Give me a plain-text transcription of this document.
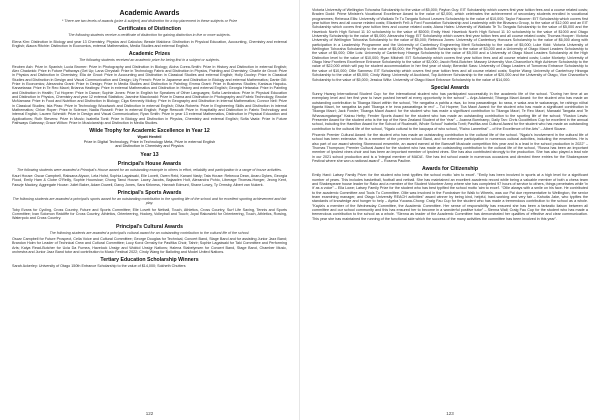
Academic Awards

* There are two levels of awards (prize & subject) and distinction for a top placement in these subjects or Prize

Certificates of Distinction

The following students receive a certificate of distinction for gaining distinction in five or more subjects.

Elena Kim: Distinction in Biology and year 13 Chemistry, Physics and Calculus; Bessie Maldonz: Distinction in Physical Education, Accounting, Chemistry and external English; Alaura Ritchie: Distinction in Economics, external Mathematics, Media Studies and external English.

Academic Prizes

The following students received an academic prize for being first in a subject or subjects.

Reuben Ash: Prize in Spanish; Lucia Bromer: Prize in Photography and Distinction in Biology; Aloha Corea-Smith: Prize in History and Distinction in external English; Alex Chadwick: Prize in Future Pathways (Get Up; Lana Chrystall: Prize in Technology Fabric and Distinction in Physics, Painting and Chemistry; Charlie de Groot: Prize in Physics and Distinction in Chemistry; Ella de Groot: Prize in Accounting and Distinction in Classical Studies and external English; Holly Dooley: Prize in Classical Studies and Distinction in Design and Visual Communication and Design; Lily French: Prize in Japanese and Distinction in Biology and external Mathematics; Dante Gill: Prize in Economics; Alexandra Grant: Prize in Design; Prize in Media Studies and Distinction in Painting; Emma Grant: Prize in Business Studies; Kaniaua Hapuku-Kanaetaraa: Prize in Te Reo Maori; Brianna Hastings: Prize in external Mathematics and Distinction in History and external English; Georgia Hetaraka: Prize in Painting and Distinction in Health; Tui Hopere: Prize in Dance; Sophie Jones: Prize in English for Speakers of Other Languages; Sofia Lambrakos: Prize in Physical Education and Distinction in Physics, Chemistry and year 12 external Statistics; Jasmine Macdonald: Prize in Drama and Distinction in Photography and Fabric Technology; Brooke McNamara: Prize in Food and Nutrition and Distinction in Biology; Ciga Kennedy Molloy: Prize in Geography and Distinction in internal Mathematics; Connor Neil: Prize in Classical Studies; Isla Pirau: Prize in Technology Woodwork and Distinction in external English; Olivia Roberts: Prize in Engineering Skills and Distinction in internal Mathematics; Chloe Roper: Prize in Science; Nadia Russell: Prize in external English; Paige Rewcott: Prize in Hospitality and Distinction in Fabric Technology and internal English; Lauren Schmidt: Prize in Design and Visual Communication; Ryan Smith: Prize in year 13 external Mathematics, Distinction in Physical Education and Applications; Ruth Stevens: Prize in Music; Isabella Tonti: Prize in Biology and Distinction in Physics, Chemistry and external English; Sofia Vaatz: Prize in Future Pathways Gateway; Grace Wilton: Prize in Musicianship and Distinction in Media Studies.

Wilde Trophy for Academic Excellence in Year 12

Wyatt Henfeil

Prize in Digital Technology, Prize in Technology Meta, Prize in external English

and Distinction in Chemistry and Physics

Year 13
Principal's House Awards

The following students were awarded a Principal's House award for an outstanding example to others in effort, reliability and participation in a range of house activities.

Kauri House: Oscar Campbell, Raksana Alyson, Lela Holst, Sophia Lagaiwaki, Elle Lovett, Owen Reid, Kanani Vasty; Tata House: Rebecca Dean, Anaru Dykes, Georgia Flood, Emily Ham & Clobe O'Reilly, Sophie Hounslow; Chong Tanui House: Lacey Jacobs, Bajaaden Holt, Alexandra Pohio, Liberage Thomas-Honger, Jeong Kent, Fawzje Mackey, Aggregate House: Juliet Baker, Adam Dowell, Darcy Jones, Sara Kirkness, Hannah Edmunt, Shane Lowry, Ty Ormsby, Albert van Nukerk.

Principal's Sports Awards

The following students are awarded a principal's sports award for an outstanding contribution to the sporting life of the school and for excellent sporting achievement and fair play.

Toby Evans for Cycling, Cross Country, Future and Sports Committee; Elle Lovett for Netball, Touch, Athletics, Cross Country, Surf Life Saving, Tennis and Sports Committee; Ivan Solomon Ratcliffe for Cross Country, Athletics, Orienteering, Hockey, Volleyball and Touch; Joyal Rakowieki for Orienteering, Touch, Athletics, Rowing, Waterpolo and Cross Country.

Principal's Cultural Awards

The following students are awarded a principal's cultural award for an outstanding contribution to the cultural life of the school.

Oscar Campbell for Future Prospect, Celia Voice and Cultural Committee; George Douglas for Technical, Concert Band, Stage Band and for assisting Junior Jazz Band; Brandon Holm for Leader of Technical Crew and Cultural Committee; Lucy Koroi Ormsby for Pasifika Choir, Tahrir; Sophie Lagaiwaki for Taki Committee and Performing Arts; Kaiya Read-Butcher for Ucia Da Fumea, Havelock Unsigr and Woktol Unsigr Nations; Halena Stabelynsen for Concert Band, Stage Band, Chamber Music, orchestra and Junior Jazz Band tutor and contribution to Music Festival 2022; Cindy Wang for Balloting and Model United Nations.

Tertiary Education Scholarship Winners

Sarah Ackerley: University of Otago 150th Entrance Scholarship to the value of $14,000; Sokheth Chutters

122

Victoria University of Wellington Tohoraha Scholarship to the value of $5,000; Payton Guy: EIT Scholarship which covers first year tuition fees and a course related costs; Braden Dodd: Prime Minister's Vocational Excellence Award to the value of $2,000, which celebrates the achievement of secondary students enrolled in vocational programmes; Rebecca Ellis: University of Waikato Te Tu Tangata School Leavers Scholarship to the value of $10,000; Taylor Falconer: EIT Scholarship which covers first year tuition fees and all course related costs; Elizabeth Fell: A Ford Foundation Scholarship and Leadership with the Bhavanu Group, to the value of $12,000 and an EIT Scholarship which covers first year tuition fees and course related costs; Alana Hales: University of Waikato Te Tu Tangata Scholarship to the value of $5,000 and the Havelock North High School 11 10 scholarship to the value of $5000; Emily Heal: Havelock North High School 11 10 scholarship to the value of $1000 and Otago University Scholarship to the value of $5,000; Alexandra Hogg: EIT Scholarship which covers first year tuition fees and all course related costs; Thomas Hooper: Victoria University of Wellington Tohoraha Scholarship to the value of $5,000; Rebecca Jones: University of Canterbury Honours Scholarship to the value of $6,000 along with participation in a Leadership Programme and the University of Canterbury Engineering Merit Scholarship to the value of $5,000; Luke Kidd: Victoria University of Wellington Tohoraha Scholarship to the value of $5,000; the Phyllis Sutcliffe Scholarship to the value of $3,000 and a University of Otago Maori Leaders Scholarship to the value of $5,000; Ollie Lois: University of Canterbury Hiranga Scholarship to the value of $5,000 and a University of Otago Maori Leaders Scholarship at the High Distinction level to the value of $10,000; Ryan Mitchell: EIT Scholarship which covers first year tuition fees and all course related costs; Locke Moriarty: University of Otago New Frontiers Excellence Entrance Scholarship to the value of $3,000; Jacob Reid-Butcher: Massey University Vice-Chancellor's High Achiever Scholarship to the value of $22,000 which will pay for student accommodation in her first year of study; Benedict Sass: University of Otago Leaders of Tomorrow Entrance Scholarship to the value of $10,000; Ollie Sanness: EIT Scholarship which covers first year tuition fees and all course related costs; Sophie Wang: University of Canterbury Hiranga Scholarship to the value of $5,000; Cindy Wang: University of Auckland, Top Achiever Scholarship to the value of $20,000 and the University of Otago, Vice Chancellor's Scholarship to the value of $5,000; Jessica Wiltz: University of Otago Maori Entrance Scholarship to the value of $14,000.

Special Awards

Sunny Hwang International Student Cup: for the international student who has participated successfully in the academic life of the school. "During her time at an exemplary level and her first year to have pushed herself at every opportunity in the school" – Anja Adamski; Tihanga Maori Award: for the student who has made an outstanding contribution to Tikanga Maori within the school, "He rangatira a pahita a riwa, ko inna pawaratinga: ko rawa, e waka ana te wakaranga, he rahingo nōhai tiganta Maori, he rangatira ka pahi Tikanga e te inna pawaratinga te reo" – Tui Hopere; Toa Maori Award: for the student who has made a significant contribution in Tikanga Maori; Jack Fowler; Tikanga Maori Award: for the student who has made a significant contribution to Tikanga Maori, Te Reo Maori, Manaaki Tangata and Te Whanaungatanga" Kairau Hefty; Fender Sports Award for the student who has made an outstanding contribution to the sporting life of the school; "Ruston Lewis: Presenter Award for the student who is the top of the New Zealand Student of the Year" – Joanna Burnhamp, Daily Tan: Chris Goodfellow Cup for excellent in the annual school, including the Hamilton Award for the School of Ruaimaiti, Whole School" Isabella Tonti; Pasifika and Cultural Award for the student who has made an outstanding contribution to the cultural life of the school, "Ngaio cultural to the kaupapa of who school, "Raino Laneetirai" – of the Excellence of the Arts" – Albert Sloane.

Phoenix Premier Cultural Award: for the student who has made an outstanding contribution to the cultural life of the school. "Ngaio's involvement in the cultural life of school has been extensive. He is a member of the premier school Band, and for extensive participation in numerous cultural activities, including the ensembles. He is also part of our award winning Stonewood ensemble, an award earned at the Barnzaff Musicale competition this year and is a lead in the school production in 2022" – Thomas Thompson; Premier Cultural Award for the student who has made an outstanding contribution to the cultural life of the school, "Rosna has been an important member of Iprolest vines choir and has been an important member of Iprolest vines. She has also contributed strongly to the production. She has also played a lead role in our 2021 school production and is a 'integral member of MADA'. She has led school waste in numerous occasions and directed three entries for the Shakespeare Festival where she won a national award" – Rosena Pauline.

Awards for Citizenship

Emily Hard: Latsey Family Prize: for the student who best typifies the school motto 'aim to excel'. "Emily has been involved in sports at a high level for a significant number of years. This includes basketball, football and netball. She has maintained an excellent academic record while being a valuable member of both a chess team and Shakespeare house leader for Rako and a member of the Student Volunteer Army where she has completed 97 hours of service to others, things penetrates while 'in it' as a voice" – Ella Lowe; Latsey Family Prize for the student who has best typified the school motto 'aim to excel'. "Ollie always with a smile on his face. He contributed to the academic Committee and Tools Tu Committee. Ollie was involved in the Fundraiser for Walk to Wheels, was our Pai due representative to Wellington, the senior team examining manager, and Otago University REACH activities" award winner by being kind, helpful, hard-working and very fair – Kahutia Jake, who typifies the standards of knowledge and hunger to help – Ayeka Yuoana-Chong: Craig Fau Cup for the student who has made a tremendous contribution to the school as a whole. "Kayla's a member of the Wednesday Committee, the Academic Committee. Her sense of responsibility has ensured she has been a fantastic liaison between all committee and our school community and this has ensured her to become in a wonderful positive tutor" – Sienna Wall; Craig Fau Cup for the student who has made a tremendous contribution to the school as a whole. "Sienna as leader of the Academic Committee has demonstrated her qualities of effective and clear communication. This year she has maintained the running of the functional side which the success of the many activities the committee has been involved in this year".

123
